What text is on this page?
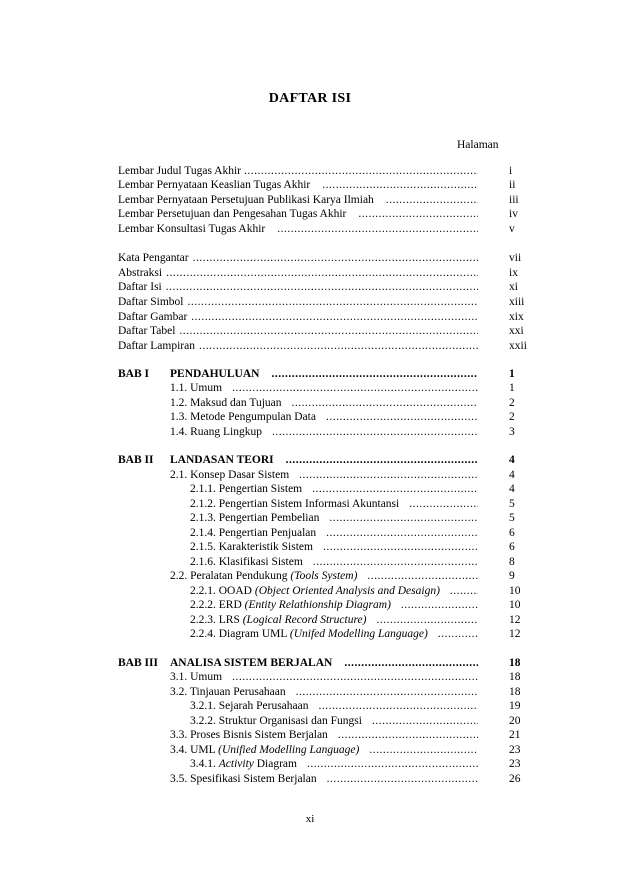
DAFTAR ISI
Halaman
Lembar Judul Tugas Akhir .....	i
Lembar Pernyataan Keaslian Tugas Akhir .....	ii
Lembar Pernyataan Persetujuan Publikasi Karya Ilmiah .....	iii
Lembar Persetujuan dan Pengesahan Tugas Akhir .....	iv
Lembar Konsultasi Tugas Akhir .....	v
Kata Pengantar .....	vii
Abstraksi .....	ix
Daftar Isi .....	xi
Daftar Simbol .....	xiii
Daftar Gambar .....	xix
Daftar Tabel .....	xxi
Daftar Lampiran .....	xxii
BAB I PENDAHULUAN .....	1
1.1. Umum .....	1
1.2. Maksud dan Tujuan .....	2
1.3. Metode Pengumpulan Data .....	2
1.4. Ruang Lingkup .....	3
BAB II LANDASAN TEORI .....	4
2.1. Konsep Dasar Sistem .....	4
2.1.1. Pengertian Sistem .....	4
2.1.2. Pengertian Sistem Informasi Akuntansi .....	5
2.1.3. Pengertian Pembelian .....	5
2.1.4. Pengertian Penjualan .....	6
2.1.5. Karakteristik Sistem .....	6
2.1.6. Klasifikasi Sistem .....	8
2.2. Peralatan Pendukung (Tools System) .....	9
2.2.1. OOAD (Object Oriented Analysis and Desaign) .....	10
2.2.2. ERD (Entity Relathionship Diagram) .....	10
2.2.3. LRS (Logical Record Structure) .....	12
2.2.4. Diagram UML (Unifed Modelling Language) .....	12
BAB III ANALISA SISTEM BERJALAN .....	18
3.1. Umum .....	18
3.2. Tinjauan Perusahaan .....	18
3.2.1. Sejarah Perusahaan .....	19
3.2.2. Struktur Organisasi dan Fungsi .....	20
3.3. Proses Bisnis Sistem Berjalan .....	21
3.4. UML (Unified Modelling Language) .....	23
3.4.1. Activity Diagram .....	23
3.5. Spesifikasi Sistem Berjalan .....	26
xi
